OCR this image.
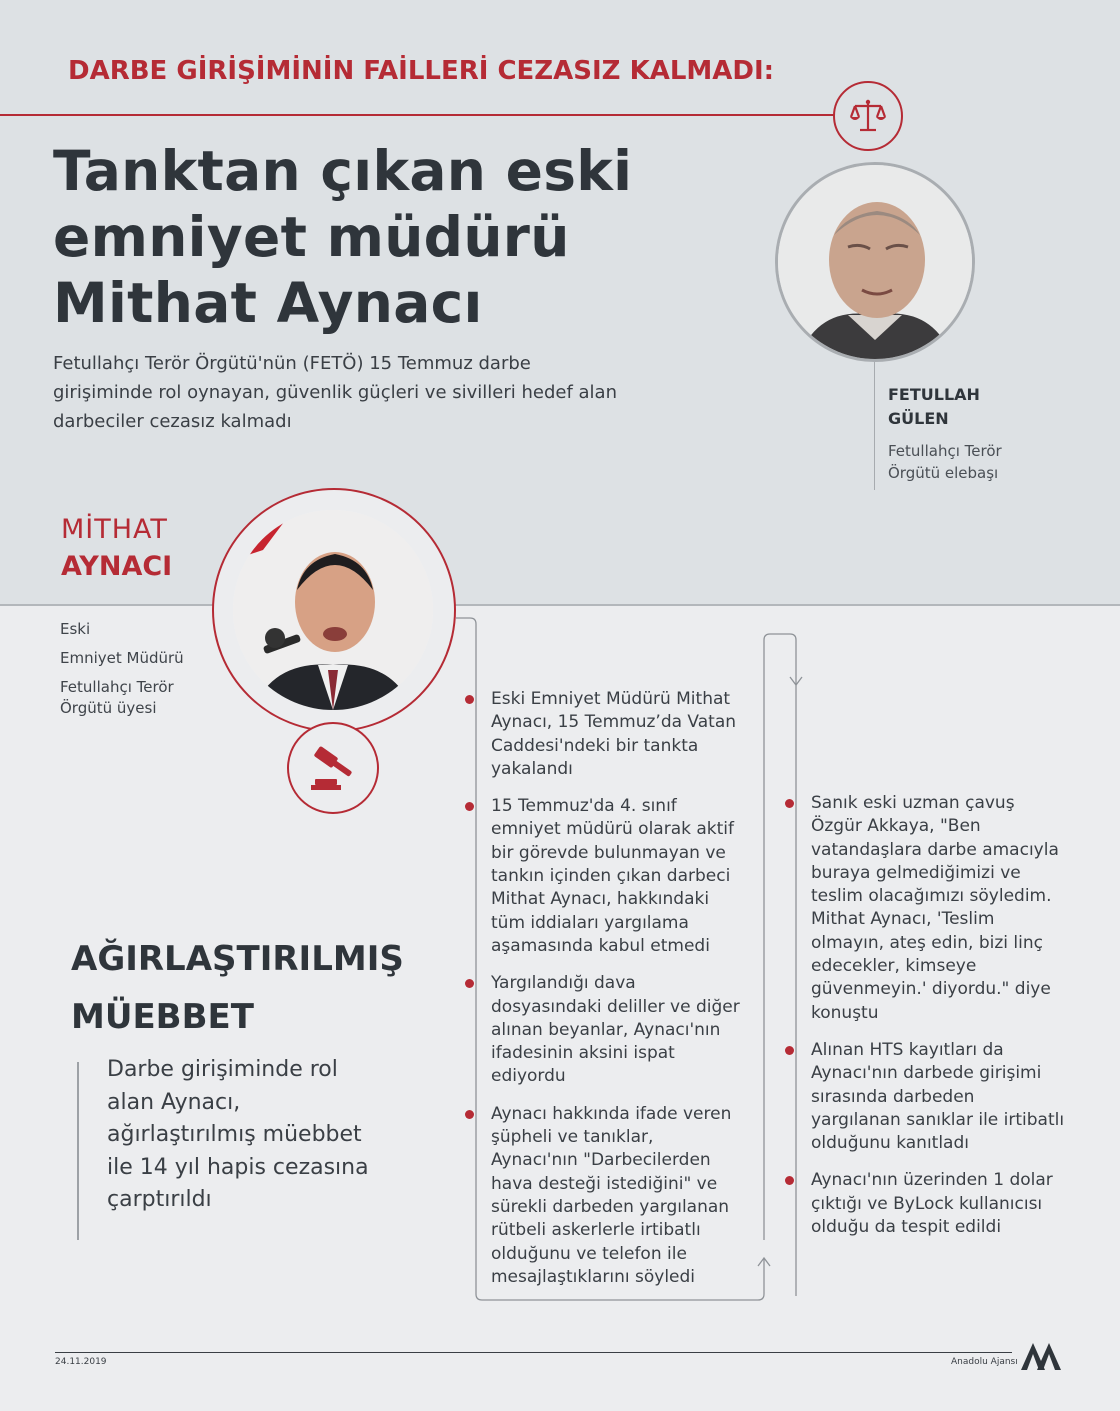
DARBE GİRİŞİMİNİN FAİLLERİ CEZASIZ KALMADI:

Tanktan çıkan eski
emniyet müdürü
Mithat Aynacı

Fetullahçı Terör Örgütü'nün (FETÖ) 15 Temmuz darbe girişiminde rol oynayan, güvenlik güçleri ve sivilleri hedef alan darbeciler cezasız kalmadı

FETULLAH
GÜLEN

Fetullahçı Terör Örgütü elebaşı

MİTHAT

AYNACI

Eski
Emniyet Müdürü
Fetullahçı Terör Örgütü üyesi
AĞIRLAŞTIRILMIŞ
MÜEBBET

Darbe girişiminde rol alan Aynacı, ağırlaştırılmış müebbet ile 14 yıl hapis cezasına çarptırıldı

Eski Emniyet Müdürü Mithat Aynacı, 15 Temmuz’da Vatan Caddesi'ndeki bir tankta yakalandı
15 Temmuz'da 4. sınıf emniyet müdürü olarak aktif bir görevde bulunmayan ve tankın içinden çıkan darbeci Mithat Aynacı, hakkındaki tüm iddiaları yargılama aşamasında kabul etmedi
Yargılandığı dava dosyasındaki deliller ve diğer alınan beyanlar, Aynacı'nın ifadesinin aksini ispat ediyordu
Aynacı hakkında ifade veren şüpheli ve tanıklar, Aynacı'nın "Darbecilerden hava desteği istediğini" ve sürekli darbeden yargılanan rütbeli askerlerle irtibatlı olduğunu ve telefon ile mesajlaştıklarını söyledi
Sanık eski uzman çavuş Özgür Akkaya, "Ben vatandaşlara darbe amacıyla buraya gelmediğimizi ve teslim olacağımızı söyledim. Mithat Aynacı, 'Teslim olmayın, ateş edin, bizi linç edecekler, kimseye güvenmeyin.' diyordu." diye konuştu
Alınan HTS kayıtları da Aynacı'nın darbede girişimi sırasında darbeden yargılanan sanıklar ile irtibatlı olduğunu kanıtladı
Aynacı'nın üzerinden 1 dolar çıktığı ve ByLock kullanıcısı olduğu da tespit edildi

24.11.2019	Anadolu Ajansı
